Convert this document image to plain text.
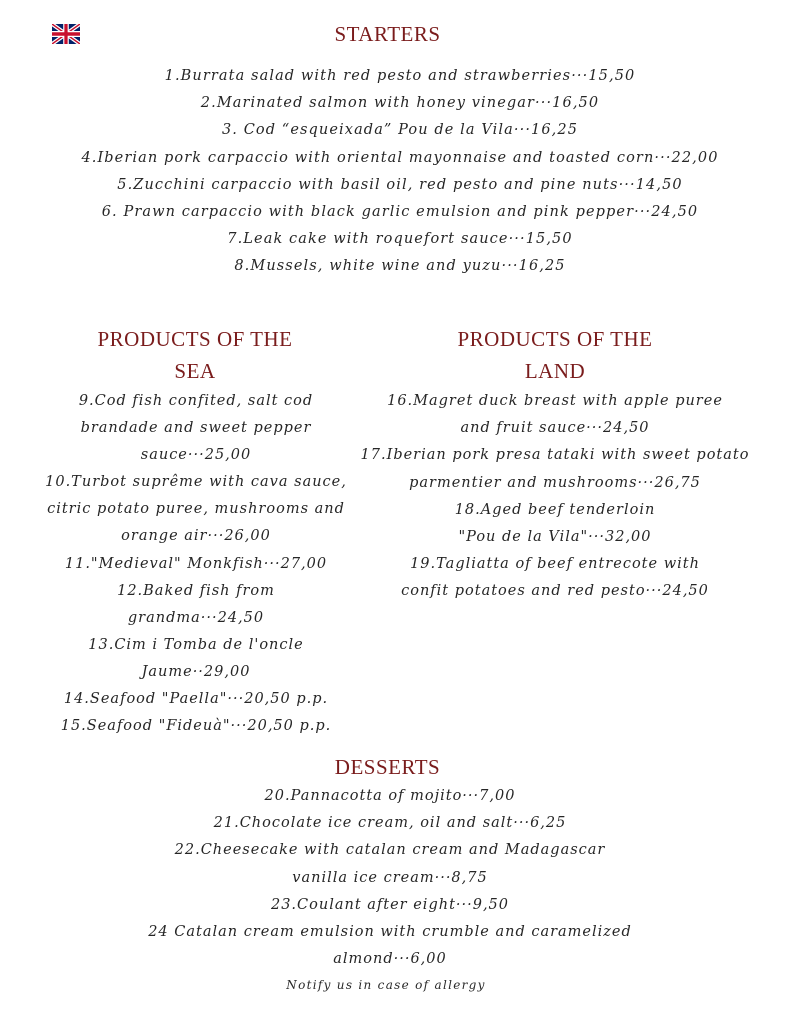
STARTERS
1.Burrata salad with red pesto and strawberries···15,50
2.Marinated salmon with honey vinegar···16,50
3. Cod “esqueixada” Pou de la Vila···16,25
4.Iberian pork carpaccio with oriental mayonnaise and toasted corn···22,00
5.Zucchini carpaccio with basil oil, red pesto and pine nuts···14,50
6. Prawn carpaccio with black garlic emulsion and pink pepper···24,50
7.Leak cake with roquefort sauce···15,50
8.Mussels, white wine and yuzu···16,25
PRODUCTS OF THE
SEA
9.Cod fish confited, salt cod
brandade and sweet pepper
sauce···25,00
10.Turbot suprême with cava sauce,
citric potato puree, mushrooms and
orange air···26,00
11."Medieval" Monkfish···27,00
12.Baked fish from
grandma···24,50
13.Cim i Tomba de l'oncle
Jaume··29,00
14.Seafood "Paella"···20,50 p.p.
15.Seafood "Fideuà"···20,50 p.p.
PRODUCTS OF THE
LAND
16.Magret duck breast with apple puree
and fruit sauce···24,50
17.Iberian pork presa tataki with sweet potato
parmentier and mushrooms···26,75
18.Aged beef tenderloin
"Pou de la Vila"···32,00
19.Tagliatta of beef entrecote with
confit potatoes and red pesto···24,50
DESSERTS
20.Pannacotta of mojito···7,00
21.Chocolate ice cream, oil and salt···6,25
22.Cheesecake with catalan cream and Madagascar
vanilla ice cream···8,75
23.Coulant after eight···9,50
24 Catalan cream emulsion with crumble and caramelized
almond···6,00

Notify us in case of allergy
